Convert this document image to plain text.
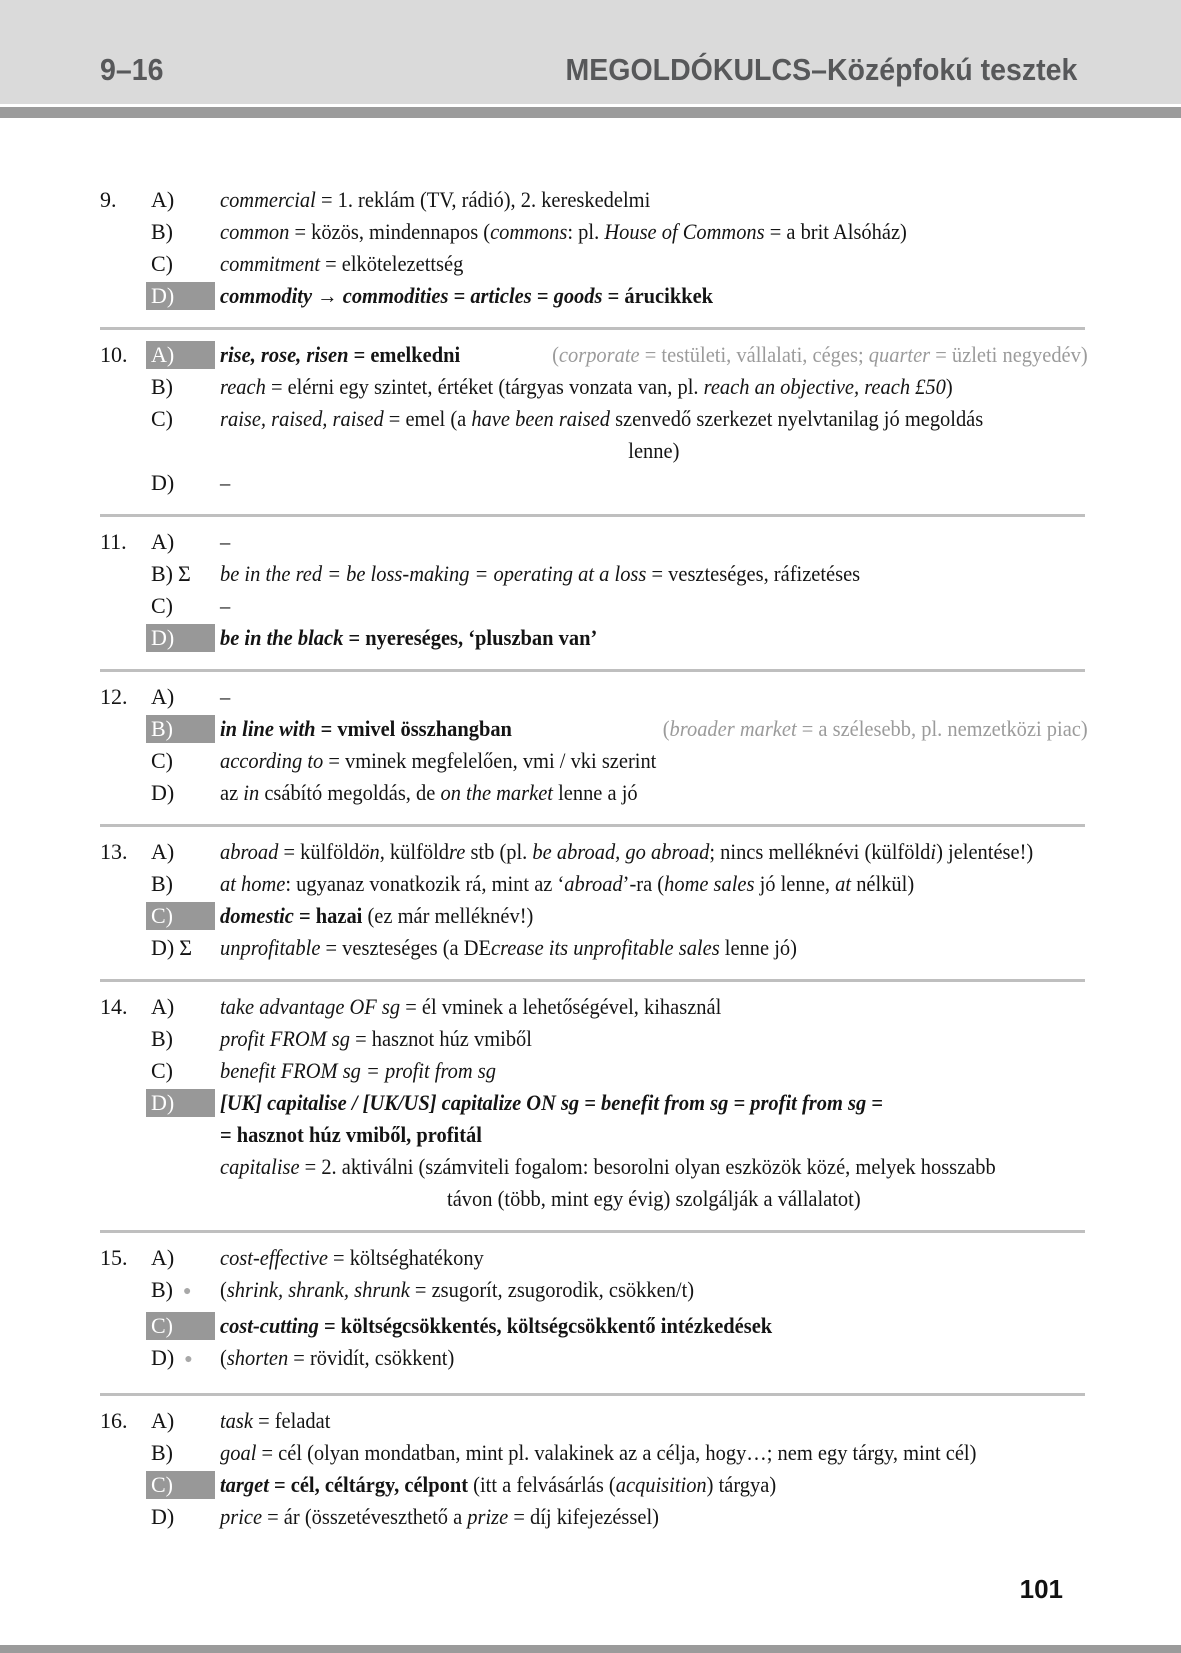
9–16	MEGOLDÓKULCS–Középfokú tesztek
9.	A)	commercial = 1. reklám (TV, rádió), 2. kereskedelmi
B)	common = közös, mindennapos (commons: pl. House of Commons = a brit Alsóház)
C)	commitment = elkötelezettség
D)	commodity → commodities = articles = goods = árucikkek
10.	A)	rise, rose, risen = emelkedni	(corporate = testületi, vállalati, céges; quarter = üzleti negyedév)
B)	reach = elérni egy szintet, értéket (tárgyas vonzata van, pl. reach an objective, reach £50)
C)	raise, raised, raised = emel (a have been raised szenvedő szerkezet nyelvtanilag jó megoldás
lenne)
D)	–
11.	A)	–
B) Σ	be in the red = be loss-making = operating at a loss = veszteséges, ráfizetéses
C)	–
D)	be in the black = nyereséges, ‘pluszban van’
12.	A)	–
B)	in line with = vmivel összhangban	(broader market = a szélesebb, pl. nemzetközi piac)
C)	according to = vminek megfelelően, vmi / vki szerint
D)	az in csábító megoldás, de on the market lenne a jó
13.	A)	abroad = külföldön, külföldre stb (pl. be abroad, go abroad; nincs melléknévi (külföldi) jelentése!)
B)	at home: ugyanaz vonatkozik rá, mint az ‘abroad’-ra (home sales jó lenne, at nélkül)
C)	domestic = hazai (ez már melléknév!)
D) Σ	unprofitable = veszteséges (a DEcrease its unprofitable sales lenne jó)
14.	A)	take advantage OF sg = él vminek a lehetőségével, kihasznál
B)	profit FROM sg = hasznot húz vmiből
C)	benefit FROM sg = profit from sg
D)	[UK] capitalise / [UK/US] capitalize ON sg = benefit from sg = profit from sg =
= hasznot húz vmiből, profitál
capitalise = 2. aktiválni (számviteli fogalom: besorolni olyan eszközök közé, melyek hosszabb
távon (több, mint egy évig) szolgálják a vállalatot)
15.	A)	cost-effective = költséghatékony
B) ●	(shrink, shrank, shrunk = zsugorít, zsugorodik, csökken/t)
C)	cost-cutting = költségcsökkentés, költségcsökkentő intézkedések
D) ●	(shorten = rövidít, csökkent)
16.	A)	task = feladat
B)	goal = cél (olyan mondatban, mint pl. valakinek az a célja, hogy…; nem egy tárgy, mint cél)
C)	target = cél, céltárgy, célpont (itt a felvásárlás (acquisition) tárgya)
D)	price = ár (összetéveszthető a prize = díj kifejezéssel)
101
